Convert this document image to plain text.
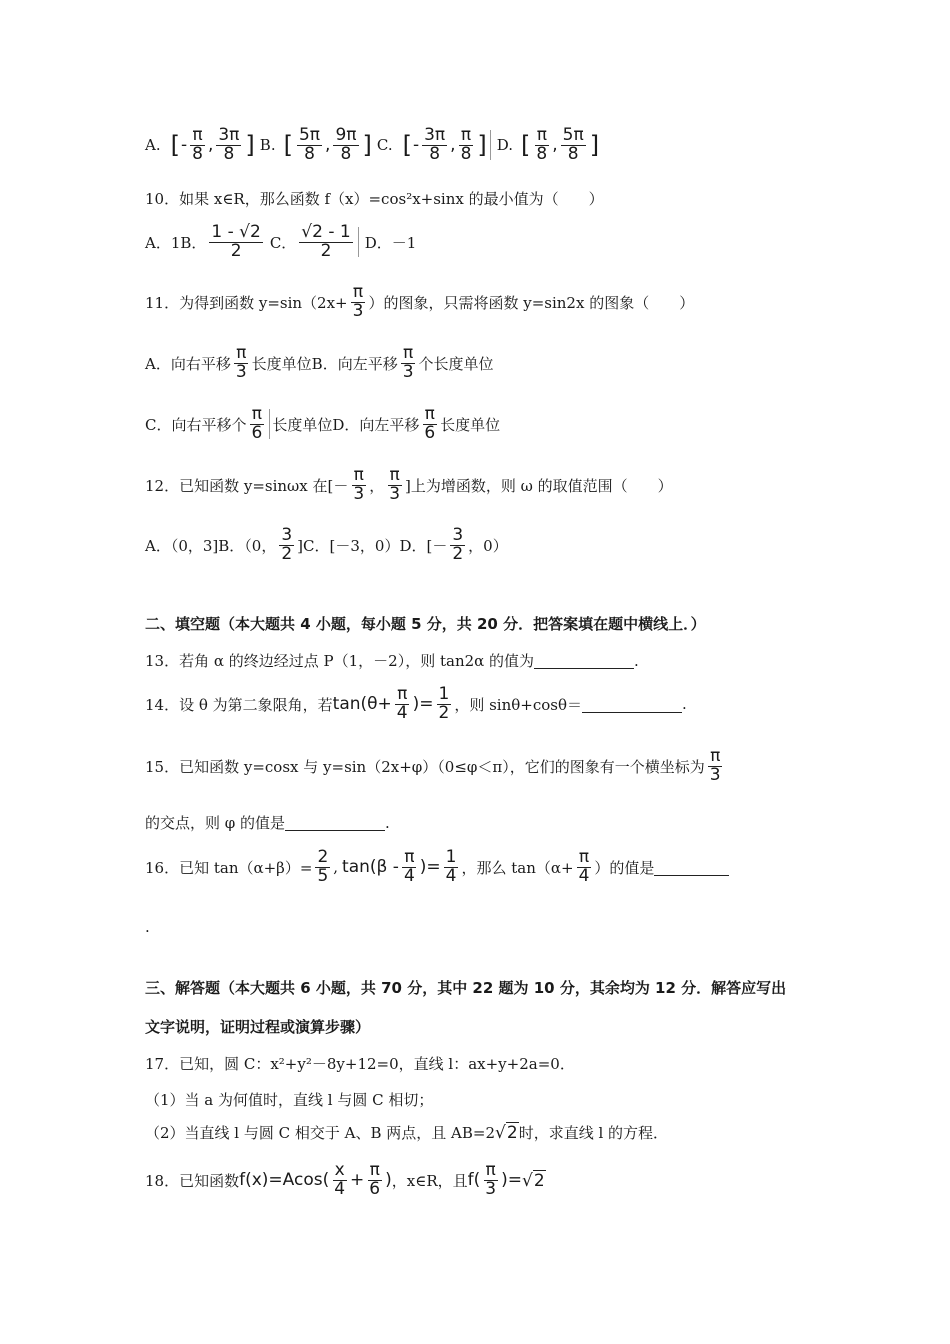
A. [ - $\frac{\pi}{8}$ , $\frac{3\pi}{8}$ ] B. [ $\frac{5\pi}{8}$ , $\frac{9\pi}{8}$ ] C. [ - $\frac{3\pi}{8}$ , $\frac{\pi}{8}$ ] D. [ $\frac{\pi}{8}$ , $\frac{5\pi}{8}$ ]
10．如果 x∈R，那么函数 f（x）=cos²x+sinx 的最小值为（　　）
A．1B． $\frac{1 - √2}{2}$ C． $\frac{√2 - 1}{2}$ D．－1
11．为得到函数 $y=\sin(2x+ \frac{\pi}{3}$ ）的图象，只需将函数 y=sin2x 的图象（　　）
A．向右平移 $\frac{\pi}{3}$ 长度单位B．向左平移 $\frac{\pi}{3}$ 个长度单位
C．向右平移个 $\frac{\pi}{6}$ 长度单位D．向左平移 $\frac{\pi}{6}$ 长度单位
12．已知函数 y=sinωx 在[－ $\frac{\pi}{3}$ ， $\frac{\pi}{3}$ ]上为增函数，则 ω 的取值范围（　　）
A．（0，3]B．（0， $\frac{3}{2} ]C$．[－3，0）D．[－ $\frac{3}{2}$ ，0）
二、填空题（本大题共 4 小题，每小题 5 分，共 20 分．把答案填在题中横线上．）
13．若角 α 的终边经过点 P（1，－2），则 tan2α 的值为	.
14．设 θ 为第二象限角，若 $\tan(\theta+ \frac{\pi}{4}$ )= $\frac{1}{2}$ ，则 sinθ+cosθ＝	.
15．已知函数 y=cosx 与 y=sin（2x+φ）（0≤φ＜π），它们的图象有一个横坐标为 $\frac{\pi}{3}$
的交点，则 φ 的值是	.
16．已知 $\tan(\alpha+\beta)= \frac{2}{5}$ , $\tan(\beta - \frac{\pi}{4}$ )= $\frac{1}{4}$ ，那么 $\tan(\alpha+ \frac{\pi}{4}$ ）的值是
.
三、解答题（本大题共 6 小题，共 70 分，其中 22 题为 10 分，其余均为 12 分．解答应写出
文字说明，证明过程或演算步骤）
17．已知，圆 C：x²+y²－8y+12=0，直线 l：ax+y+2a=0．
（1）当 a 为何值时，直线 l 与圆 C 相切；
（2）当直线 l 与圆 C 相交于 A、B 两点，且 AB=2 √ 2 时，求直线 l 的方程．
18．已知函数 $f(x)=Acos( \frac{x}{4} + \frac{\pi}{6}$ ) ，x∈R，且 $f( \frac{\pi}{3}$ )= √ 2
